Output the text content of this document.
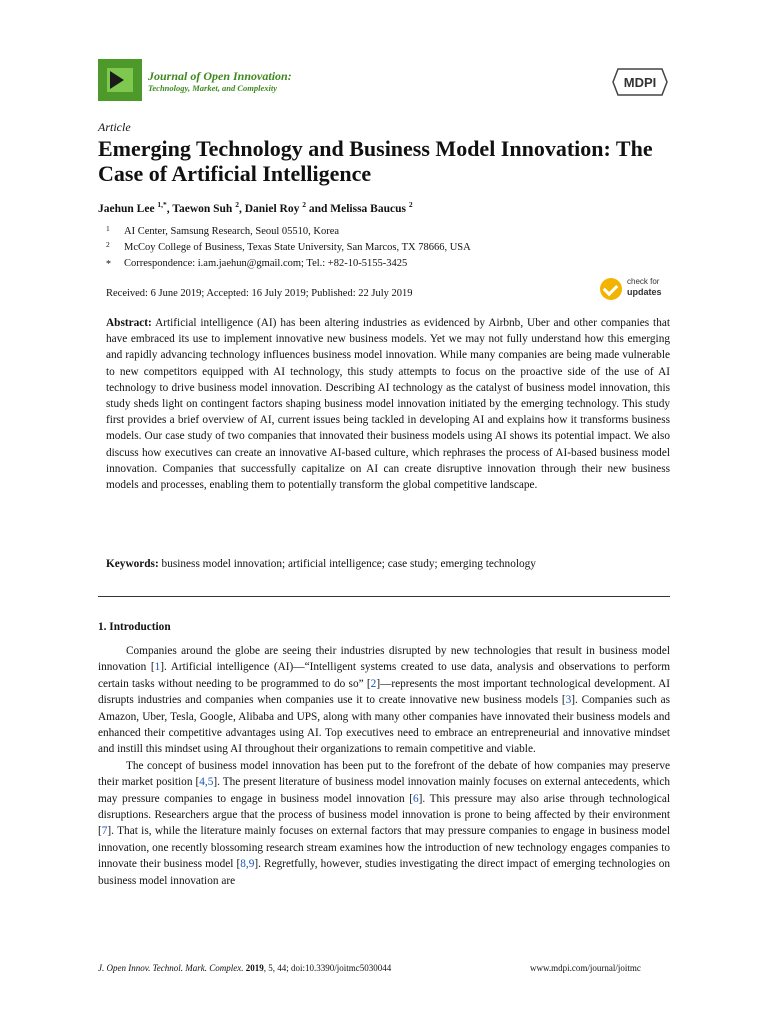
Journal of Open Innovation:
Technology, Market, and Complexity	MDPI
Article
Emerging Technology and Business Model Innovation: The Case of Artificial Intelligence
Jaehun Lee $^{1,*}$, Taewon Suh $^2$, Daniel Roy $^2$ and Melissa Baucus $^2$
1 AI Center, Samsung Research, Seoul 05510, Korea
2 McCoy College of Business, Texas State University, San Marcos, TX 78666, USA
* Correspondence: i.am.jaehun@gmail.com; Tel.: +82-10-5155-3425
Received: 6 June 2019; Accepted: 16 July 2019; Published: 22 July 2019
check for
updates
Abstract: Artificial intelligence (AI) has been altering industries as evidenced by Airbnb, Uber and other companies that have embraced its use to implement innovative new business models. Yet we may not fully understand how this emerging and rapidly advancing technology influences business model innovation. While many companies are being made vulnerable to new competitors equipped with AI technology, this study attempts to focus on the proactive side of the use of AI technology to drive business model innovation. Describing AI technology as the catalyst of business model innovation, this study sheds light on contingent factors shaping business model innovation initiated by the emerging technology. This study first provides a brief overview of AI, current issues being tackled in developing AI and explains how it transforms business models. Our case study of two companies that innovated their business models using AI shows its potential impact. We also discuss how executives can create an innovative AI-based culture, which rephrases the process of AI-based business model innovation. Companies that successfully capitalize on AI can create disruptive innovation through their new business models and processes, enabling them to potentially transform the global competitive landscape.
Keywords: business model innovation; artificial intelligence; case study; emerging technology
1. Introduction

Companies around the globe are seeing their industries disrupted by new technologies that result in business model innovation [1]. Artificial intelligence (AI)—“Intelligent systems created to use data, analysis and observations to perform certain tasks without needing to be programmed to do so” [2]—represents the most important technological development. AI disrupts industries and companies when companies use it to create innovative new business models [3]. Companies such as Amazon, Uber, Tesla, Google, Alibaba and UPS, along with many other companies have innovated their business models and enhanced their competitive advantages using AI. Top executives need to embrace an entrepreneurial and innovative mindset and instill this mindset using AI throughout their organizations to remain competitive and viable.

The concept of business model innovation has been put to the forefront of the debate of how companies may preserve their market position [4,5]. The present literature of business model innovation mainly focuses on external antecedents, which may pressure companies to engage in business model innovation [6]. This pressure may also arise through technological disruptions. Researchers argue that the process of business model innovation is prone to being affected by their environment [7]. That is, while the literature mainly focuses on external factors that may pressure companies to engage in business model innovation, one recently blossoming research stream examines how the introduction of new technology engages companies to innovate their business model [8,9]. Regretfully, however, studies investigating the direct impact of emerging technologies on business model innovation are

J. Open Innov. Technol. Mark. Complex. 2019, 5, 44; doi:10.3390/joitmc5030044	www.mdpi.com/journal/joitmc
